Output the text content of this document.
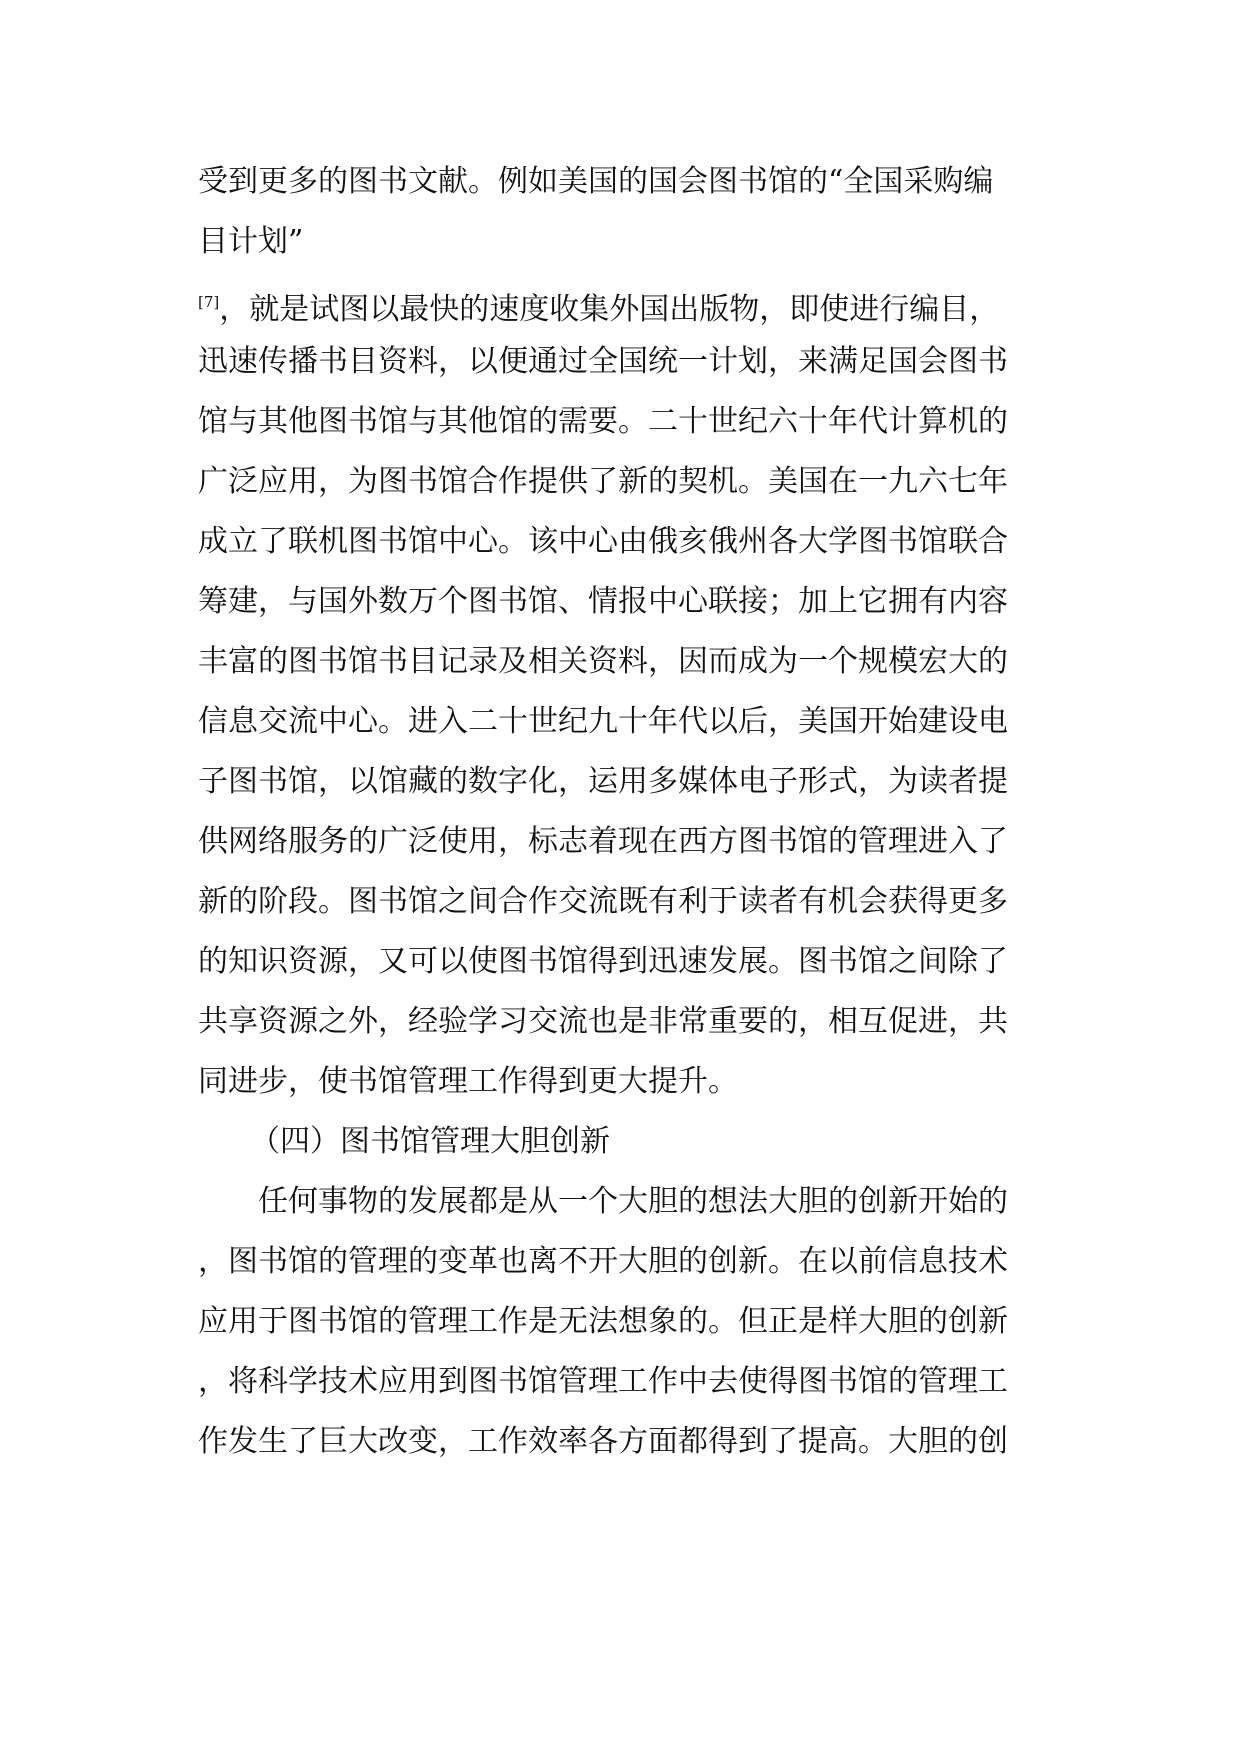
受到更多的图书文献。例如美国的国会图书馆的“全国采购编
目计划”
[7]，就是试图以最快的速度收集外国出版物，即使进行编目，
迅速传播书目资料，以便通过全国统一计划，来满足国会图书
馆与其他图书馆与其他馆的需要。二十世纪六十年代计算机的
广泛应用，为图书馆合作提供了新的契机。美国在一九六七年
成立了联机图书馆中心。该中心由俄亥俄州各大学图书馆联合
筹建，与国外数万个图书馆、情报中心联接；加上它拥有内容
丰富的图书馆书目记录及相关资料，因而成为一个规模宏大的
信息交流中心。进入二十世纪九十年代以后，美国开始建设电
子图书馆，以馆藏的数字化，运用多媒体电子形式，为读者提
供网络服务的广泛使用，标志着现在西方图书馆的管理进入了
新的阶段。图书馆之间合作交流既有利于读者有机会获得更多
的知识资源，又可以使图书馆得到迅速发展。图书馆之间除了
共享资源之外，经验学习交流也是非常重要的，相互促进，共
同进步，使书馆管理工作得到更大提升。
（四）图书馆管理大胆创新
任何事物的发展都是从一个大胆的想法大胆的创新开始的
，图书馆的管理的变革也离不开大胆的创新。在以前信息技术
应用于图书馆的管理工作是无法想象的。但正是样大胆的创新
，将科学技术应用到图书馆管理工作中去使得图书馆的管理工
作发生了巨大改变，工作效率各方面都得到了提高。大胆的创
